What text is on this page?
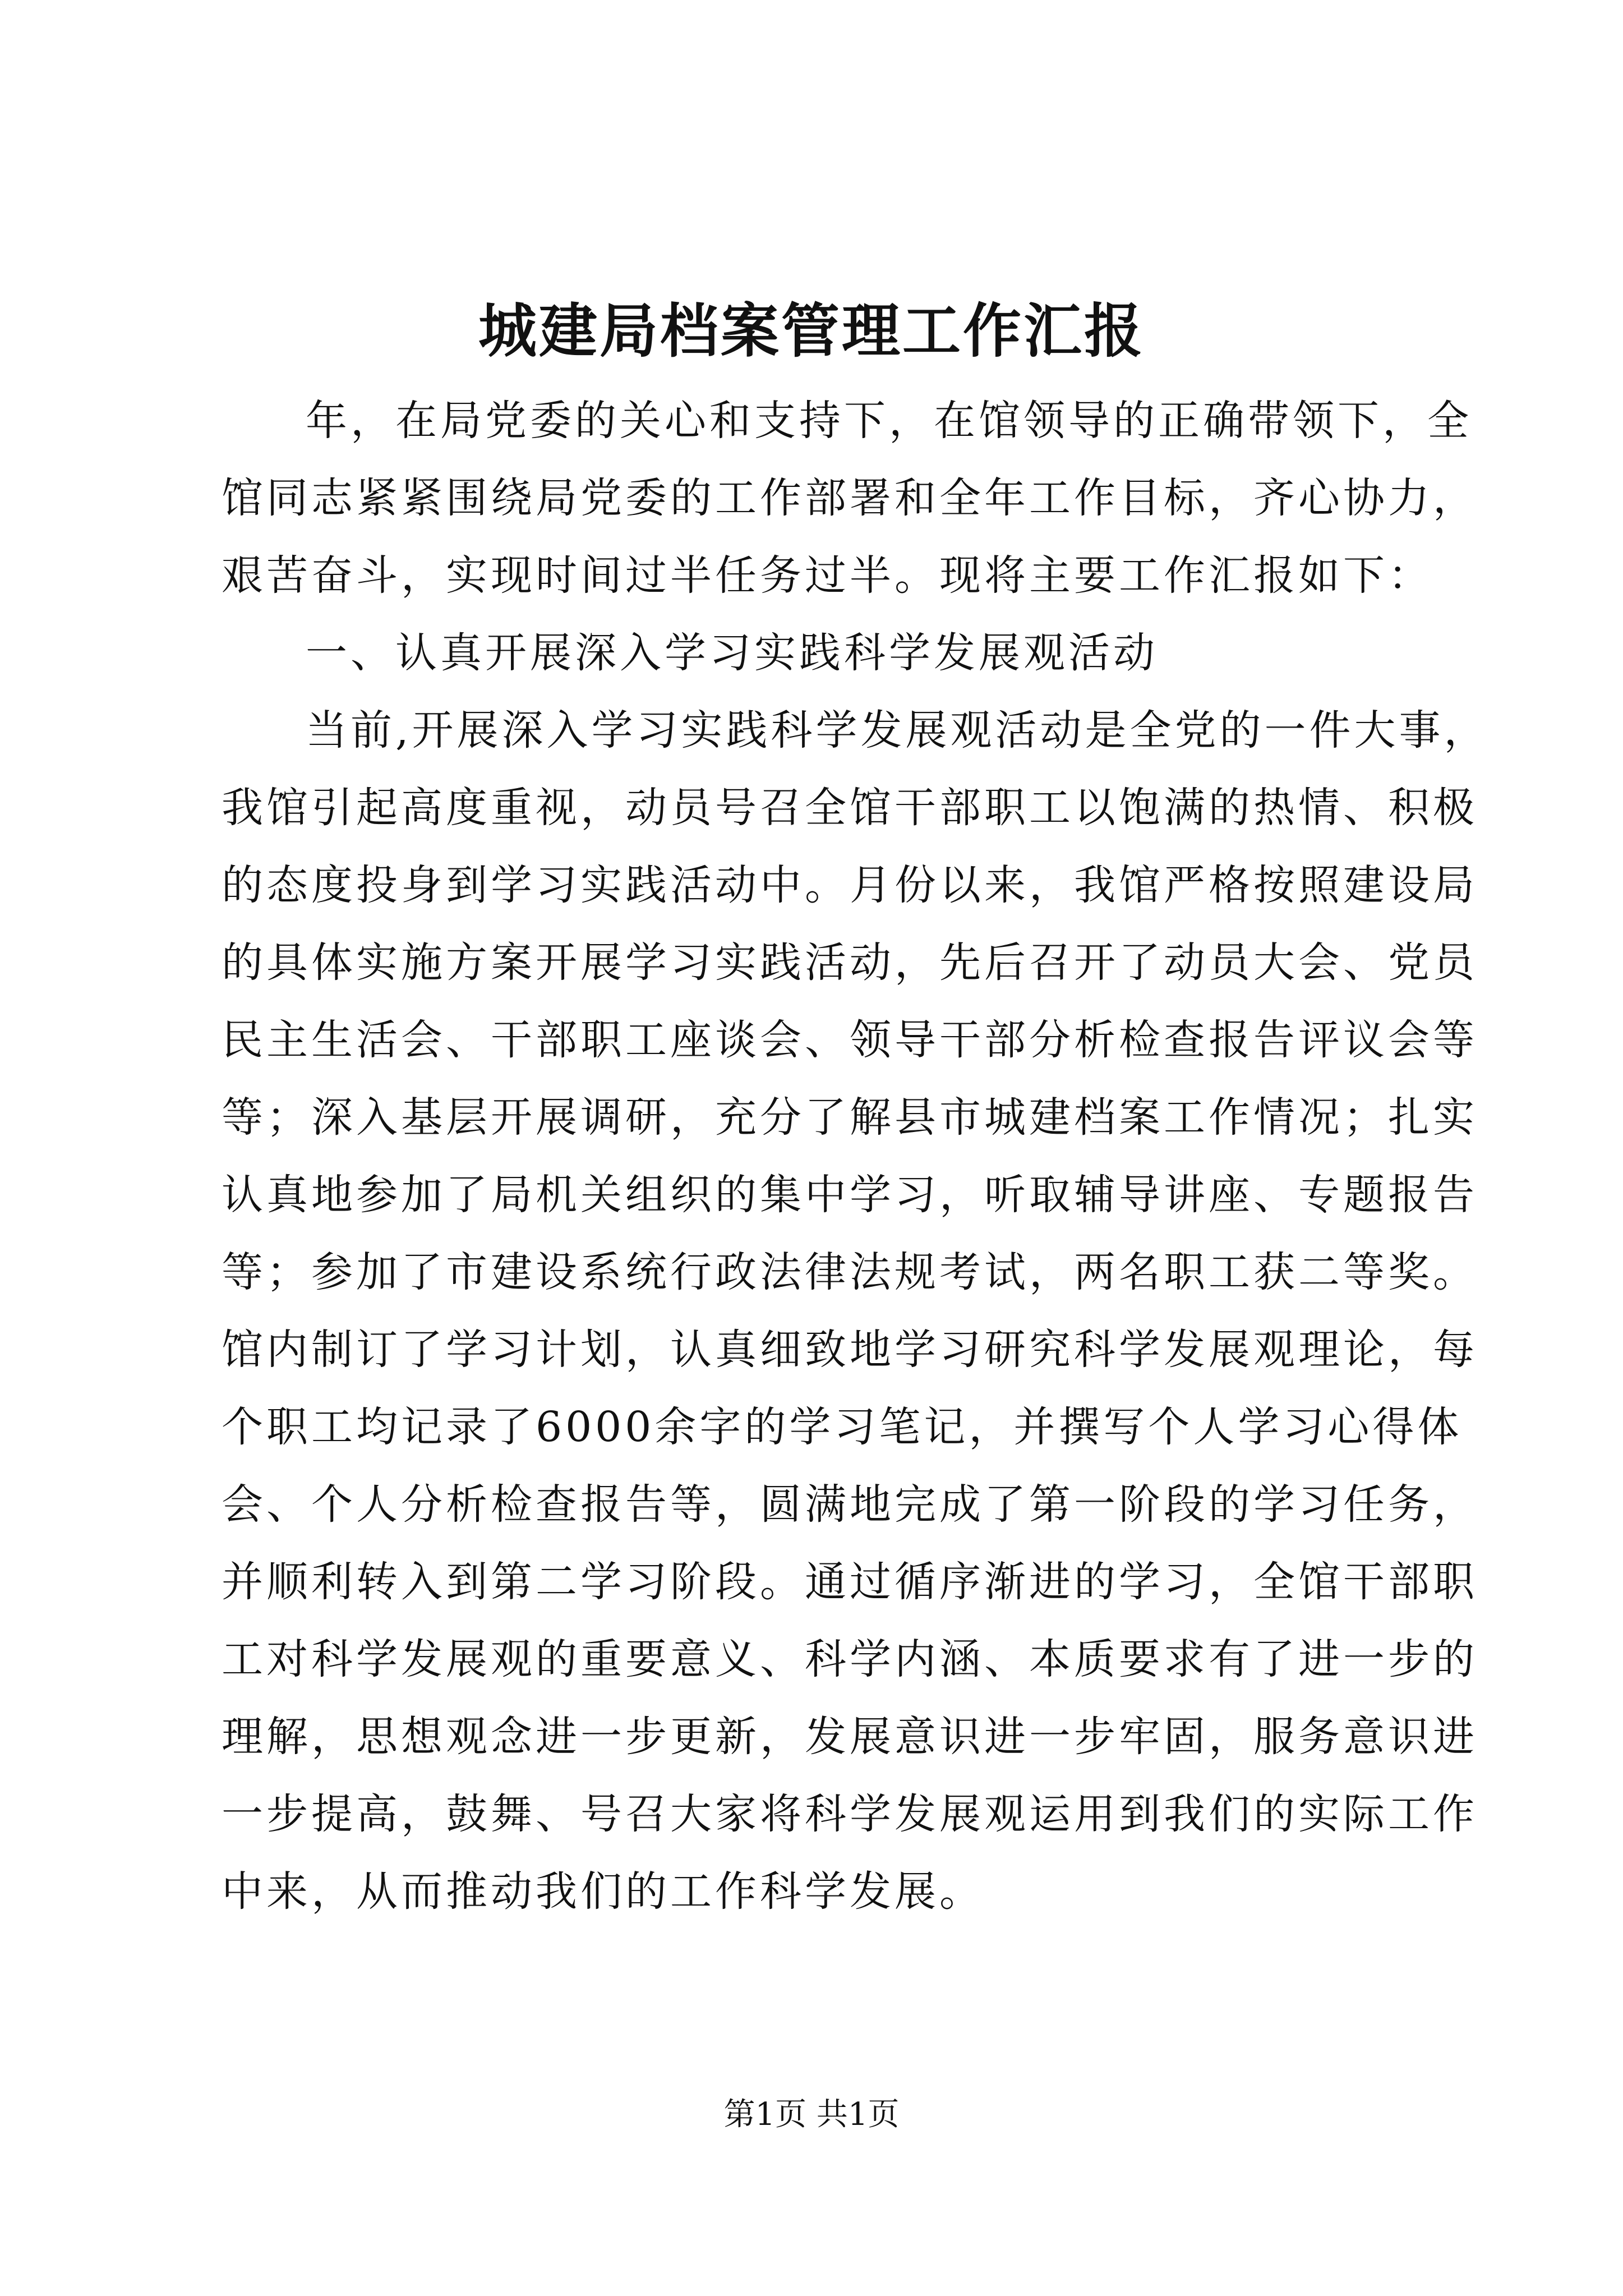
城建局档案管理工作汇报
年，在局党委的关心和支持下，在馆领导的正确带领下，全
馆同志紧紧围绕局党委的工作部署和全年工作目标，齐心协力，
艰苦奋斗，实现时间过半任务过半。现将主要工作汇报如下：
一、认真开展深入学习实践科学发展观活动
当前,开展深入学习实践科学发展观活动是全党的一件大事，
我馆引起高度重视，动员号召全馆干部职工以饱满的热情、积极
的态度投身到学习实践活动中。月份以来，我馆严格按照建设局
的具体实施方案开展学习实践活动，先后召开了动员大会、党员
民主生活会、干部职工座谈会、领导干部分析检查报告评议会等
等；深入基层开展调研，充分了解县市城建档案工作情况；扎实
认真地参加了局机关组织的集中学习，听取辅导讲座、专题报告
等；参加了市建设系统行政法律法规考试，两名职工获二等奖。
馆内制订了学习计划，认真细致地学习研究科学发展观理论，每
个职工均记录了6000余字的学习笔记，并撰写个人学习心得体
会、个人分析检查报告等，圆满地完成了第一阶段的学习任务，
并顺利转入到第二学习阶段。通过循序渐进的学习，全馆干部职
工对科学发展观的重要意义、科学内涵、本质要求有了进一步的
理解，思想观念进一步更新，发展意识进一步牢固，服务意识进
一步提高，鼓舞、号召大家将科学发展观运用到我们的实际工作
中来，从而推动我们的工作科学发展。
第1页 共1页
